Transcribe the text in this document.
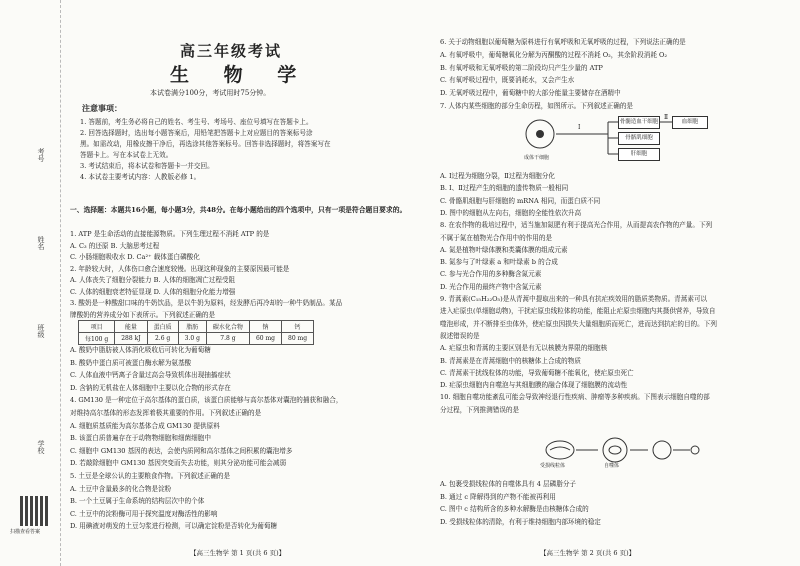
考号
姓名
班级
学校
扫描查看答案
高三年级考试
生 物 学
本试卷满分100分，考试用时75分钟。
注意事项：
1. 答题前，考生务必将自己的姓名、考生号、考场号、座位号填写在答题卡上。
2. 回答选择题时，选出每小题答案后，用铅笔把答题卡上对应题目的答案标号涂
黑。如需改动，用橡皮擦干净后，再选涂其他答案标号。回答非选择题时，将答案写在
答题卡上。写在本试卷上无效。
3. 考试结束后，将本试卷和答题卡一并交回。
4. 本试卷主要考试内容：人教版必修 1。
一、选择题：本题共16小题，每小题3分，共48分。在每小题给出的四个选项中，只有一项是符合题目要求的。
1. ATP 是生命活动的直接能源物质。下列生理过程不消耗 ATP 的是
A. C₃ 的还原 B. 大脑思考过程
C. 小肠细胞吸收水 D. Ca²⁺ 载体蛋白磷酸化
2. 年龄较大时，人体伤口愈合速度较慢。出现这种现象的主要原因最可能是
A. 人体丧失了细胞分裂能力 B. 人体的细胞凋亡过程受阻
C. 人体的细胞衰老特征显现 D. 人体的细胞分化能力增强
3. 酸奶是一种酸甜口味的牛奶饮品，是以牛奶为原料，经发酵后再冷却的一种牛奶制品。某品
牌酸奶的营养成分如下表所示。下列叙述正确的是
项目	能量	蛋白质	脂肪	碳水化合物	钠	钙
每100 g	288 kJ	2.6 g	3.0 g	7.8 g	60 mg	80 mg
A. 酸奶中脂肪被人体消化吸收后可转化为葡萄糖
B. 酸奶中蛋白质可被蛋白酶水解为氨基酸
C. 人体血液中钙离子含量过高会导致机体出现抽搐症状
D. 含钠的无机盐在人体细胞中主要以化合物的形式存在
4. GM130 是一种定位于高尔基体的蛋白质，该蛋白质能够与高尔基体对囊泡的捕获和融合，
对维持高尔基体的形态发挥着极其重要的作用。下列叙述正确的是
A. 细胞质基质能为高尔基体合成 GM130 提供原料
B. 该蛋白质普遍存在于动物物细胞和细菌细胞中
C. 细胞中 GM130 基因的表达，会使内质网和高尔基体之间积累的囊泡增多
D. 若敲除细胞中 GM130 基因突变而失去功能，则其分泌功能可能会减弱
5. 土豆是全球公认的主要粮食作物。下列叙述正确的是
A. 土豆中含量最多的化合物是淀粉
B. 一个土豆属于生命系统的结构层次中的个体
C. 土豆中的淀粉酶可用于探究温度对酶活性的影响
D. 用碘液对萌发的土豆匀浆进行检测，可以确定淀粉是否转化为葡萄糖
【高三生物学 第 1 页(共 6 页)】
6. 关于动物细胞以葡萄糖为原料进行有氧呼吸和无氧呼吸的过程，下列说法正确的是
A. 有氧呼吸中，葡萄糖氧化分解为丙酮酸的过程不消耗 O₂，其余阶段消耗 O₂
B. 有氧呼吸和无氧呼吸的第二阶段均只产生少量的 ATP
C. 有氧呼吸过程中，既要消耗水，又会产生水
D. 无氧呼吸过程中，葡萄糖中的大部分能量主要储存在酒精中
7. 人体内某些细胞的部分生命历程，如图所示。下列叙述正确的是
成体干细胞
Ⅰ
Ⅱ
骨髓造血干细胞
骨骼肌细胞
肝细胞
血细胞
A. Ⅰ过程为细胞分裂，Ⅱ过程为细胞分化
B. Ⅰ、Ⅱ过程产生的细胞的遗传物质一般相同
C. 骨骼肌细胞与肝细胞的 mRNA 相同，而蛋白质不同
D. 图中的细胞从左向右，细胞的全能性依次升高
8. 在农作物的栽培过程中，适当施加氮肥有利于提高光合作用，从而提高农作物的产量。下列
不属于氮在植物光合作用中的作用的是
A. 氮是植物叶绿体膜和类囊体膜的组成元素
B. 氮参与了叶绿素 a 和叶绿素 b 的合成
C. 参与光合作用的多种酶含氮元素
D. 光合作用的最终产物中含氮元素
9. 青蒿素(C₁₅H₂₂O₅)是从青蒿中提取出来的一种具有抗疟疾效用的脂质类物质。青蒿素可以
进入疟原虫(单细胞动物)，干扰疟原虫线粒体的功能，能阻止疟原虫细胞内其摄供营养，导致自
噬泡形成，并不断排至虫体外，使疟原虫因损失大量细胞质而死亡，进而达到抗疟的目的。下列
叙述错误的是
A. 疟原虫和青蒿的主要区别是有无以核膜为界限的细胞核
B. 青蒿素是在青蒿细胞中的核糖体上合成的物质
C. 青蒿素干扰线粒体的功能，导致葡萄糖不能氧化，使疟原虫死亡
D. 疟原虫细胞内自噬泡与其细胞膜的融合体现了细胞膜的流动性
10. 细胞自噬功能紊乱可能会导致神经退行性疾病、肿瘤等多种疾病。下图表示细胞自噬的部
分过程，下列推测错误的是
受损线粒体	自噬体
A. 包裹受损线粒体的自噬体具有 4 层磷脂分子
B. 通过 c 降解得到的产物不能被再利用
C. 图中 c 结构所含的多种水解酶是由核糖体合成的
D. 受损线粒体的清除，有利于维持细胞内部环境的稳定
【高三生物学 第 2 页(共 6 页)】
